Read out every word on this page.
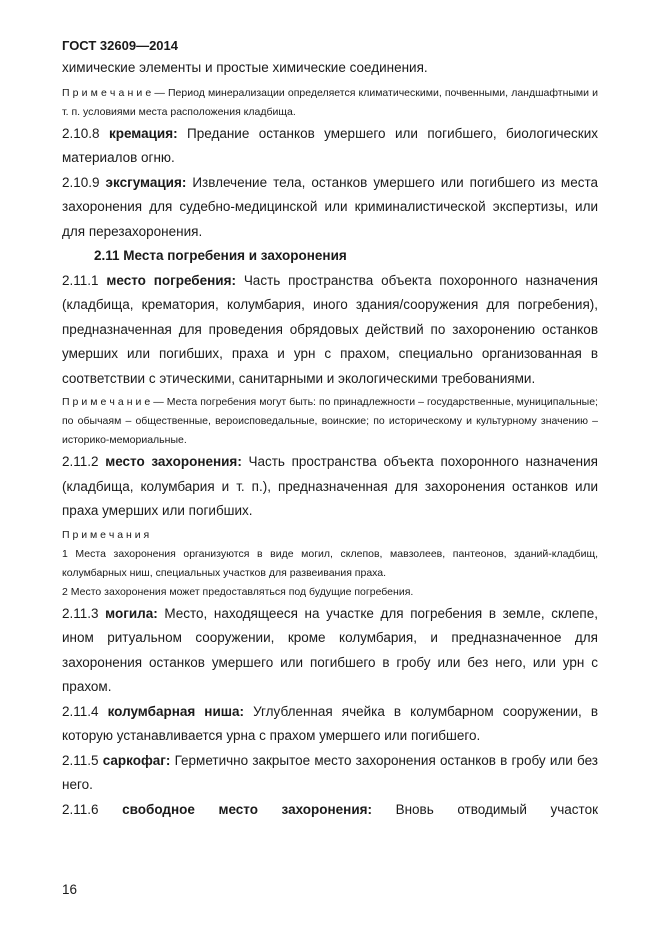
ГОСТ 32609—2014

химические элементы и простые химические соединения.

П р и м е ч а н и е — Период минерализации определяется климатическими, почвенными, ландшафтными и т. п. условиями места расположения кладбища.

2.10.8 кремация: Предание останков умершего или погибшего, биологических материалов огню.

2.10.9 эксгумация: Извлечение тела, останков умершего или погибшего из места захоронения для судебно-медицинской или криминалистической экспертизы, или для перезахоронения.

2.11 Места погребения и захоронения

2.11.1 место погребения: Часть пространства объекта похоронного назначения (кладбища, крематория, колумбария, иного здания/сооружения для погребения), предназначенная для проведения обрядовых действий по захоронению останков умерших или погибших, праха и урн с прахом, специально организованная в соответствии с этическими, санитарными и экологическими требованиями.

П р и м е ч а н и е — Места погребения могут быть: по принадлежности – государственные, муниципальные; по обычаям – общественные, вероисповедальные, воинские; по историческому и культурному значению – историко-мемориальные.

2.11.2 место захоронения: Часть пространства объекта похоронного назначения (кладбища, колумбария и т. п.), предназначенная для захоронения останков или праха умерших или погибших.

П р и м е ч а н и я

1 Места захоронения организуются в виде могил, склепов, мавзолеев, пантеонов, зданий-кладбищ, колумбарных ниш, специальных участков для развеивания праха.

2 Место захоронения может предоставляться под будущие погребения.

2.11.3 могила: Место, находящееся на участке для погребения в земле, склепе, ином ритуальном сооружении, кроме колумбария, и предназначенное для захоронения останков умершего или погибшего в гробу или без него, или урн с прахом.

2.11.4 колумбарная ниша: Углубленная ячейка в колумбарном сооружении, в которую устанавливается урна с прахом умершего или погибшего.

2.11.5 саркофаг: Герметично закрытое место захоронения останков в гробу или без него.

2.11.6 свободное место захоронения: Вновь отводимый участок

16
